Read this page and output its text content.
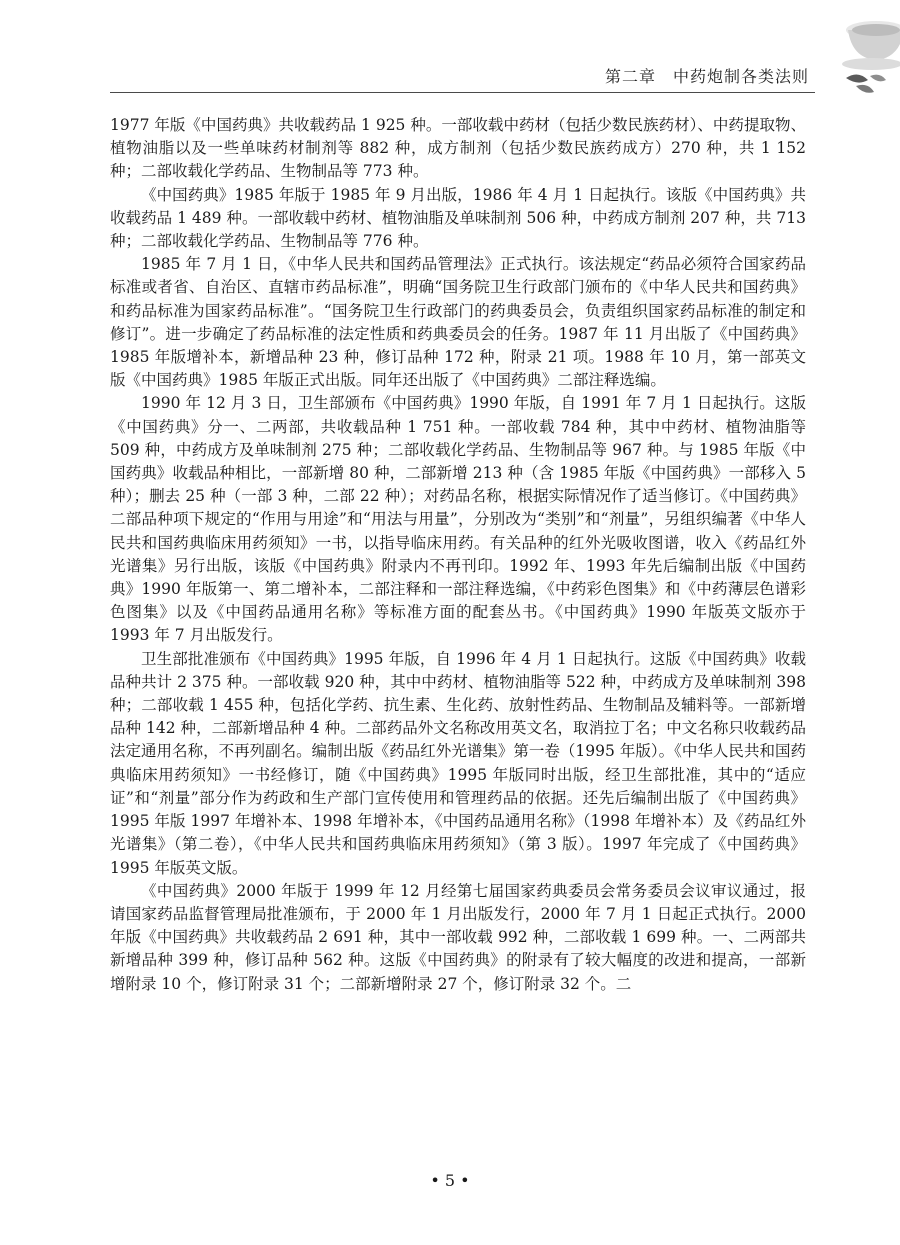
第二章　中药炮制各类法则

1977 年版《中国药典》共收载药品 1 925 种。一部收载中药材（包括少数民族药材）、中药提取物、植物油脂以及一些单味药材制剂等 882 种，成方制剂（包括少数民族药成方）270 种，共 1 152 种；二部收载化学药品、生物制品等 773 种。

《中国药典》1985 年版于 1985 年 9 月出版，1986 年 4 月 1 日起执行。该版《中国药典》共收载药品 1 489 种。一部收载中药材、植物油脂及单味制剂 506 种，中药成方制剂 207 种，共 713 种；二部收载化学药品、生物制品等 776 种。

1985 年 7 月 1 日，《中华人民共和国药品管理法》正式执行。该法规定“药品必须符合国家药品标准或者省、自治区、直辖市药品标准”，明确“国务院卫生行政部门颁布的《中华人民共和国药典》和药品标准为国家药品标准”。“国务院卫生行政部门的药典委员会，负责组织国家药品标准的制定和修订”。进一步确定了药品标准的法定性质和药典委员会的任务。1987 年 11 月出版了《中国药典》1985 年版增补本，新增品种 23 种，修订品种 172 种，附录 21 项。1988 年 10 月，第一部英文版《中国药典》1985 年版正式出版。同年还出版了《中国药典》二部注释选编。

1990 年 12 月 3 日，卫生部颁布《中国药典》1990 年版，自 1991 年 7 月 1 日起执行。这版《中国药典》分一、二两部，共收载品种 1 751 种。一部收载 784 种，其中中药材、植物油脂等 509 种，中药成方及单味制剂 275 种；二部收载化学药品、生物制品等 967 种。与 1985 年版《中国药典》收载品种相比，一部新增 80 种，二部新增 213 种（含 1985 年版《中国药典》一部移入 5 种）；删去 25 种（一部 3 种，二部 22 种）；对药品名称，根据实际情况作了适当修订。《中国药典》二部品种项下规定的“作用与用途”和“用法与用量”，分别改为“类别”和“剂量”，另组织编著《中华人民共和国药典临床用药须知》一书，以指导临床用药。有关品种的红外光吸收图谱，收入《药品红外光谱集》另行出版，该版《中国药典》附录内不再刊印。1992 年、1993 年先后编制出版《中国药典》1990 年版第一、第二增补本，二部注释和一部注释选编，《中药彩色图集》和《中药薄层色谱彩色图集》以及《中国药品通用名称》等标准方面的配套丛书。《中国药典》1990 年版英文版亦于 1993 年 7 月出版发行。

卫生部批准颁布《中国药典》1995 年版，自 1996 年 4 月 1 日起执行。这版《中国药典》收载品种共计 2 375 种。一部收载 920 种，其中中药材、植物油脂等 522 种，中药成方及单味制剂 398 种；二部收载 1 455 种，包括化学药、抗生素、生化药、放射性药品、生物制品及辅料等。一部新增品种 142 种，二部新增品种 4 种。二部药品外文名称改用英文名，取消拉丁名；中文名称只收载药品法定通用名称，不再列副名。编制出版《药品红外光谱集》第一卷（1995 年版）。《中华人民共和国药典临床用药须知》一书经修订，随《中国药典》1995 年版同时出版，经卫生部批准，其中的“适应证”和“剂量”部分作为药政和生产部门宣传使用和管理药品的依据。还先后编制出版了《中国药典》1995 年版 1997 年增补本、1998 年增补本，《中国药品通用名称》（1998 年增补本）及《药品红外光谱集》（第二卷），《中华人民共和国药典临床用药须知》（第 3 版）。1997 年完成了《中国药典》1995 年版英文版。

《中国药典》2000 年版于 1999 年 12 月经第七届国家药典委员会常务委员会议审议通过，报请国家药品监督管理局批准颁布，于 2000 年 1 月出版发行，2000 年 7 月 1 日起正式执行。2000 年版《中国药典》共收载药品 2 691 种，其中一部收载 992 种，二部收载 1 699 种。一、二两部共新增品种 399 种，修订品种 562 种。这版《中国药典》的附录有了较大幅度的改进和提高，一部新增附录 10 个，修订附录 31 个；二部新增附录 27 个，修订附录 32 个。二

• 5 •
